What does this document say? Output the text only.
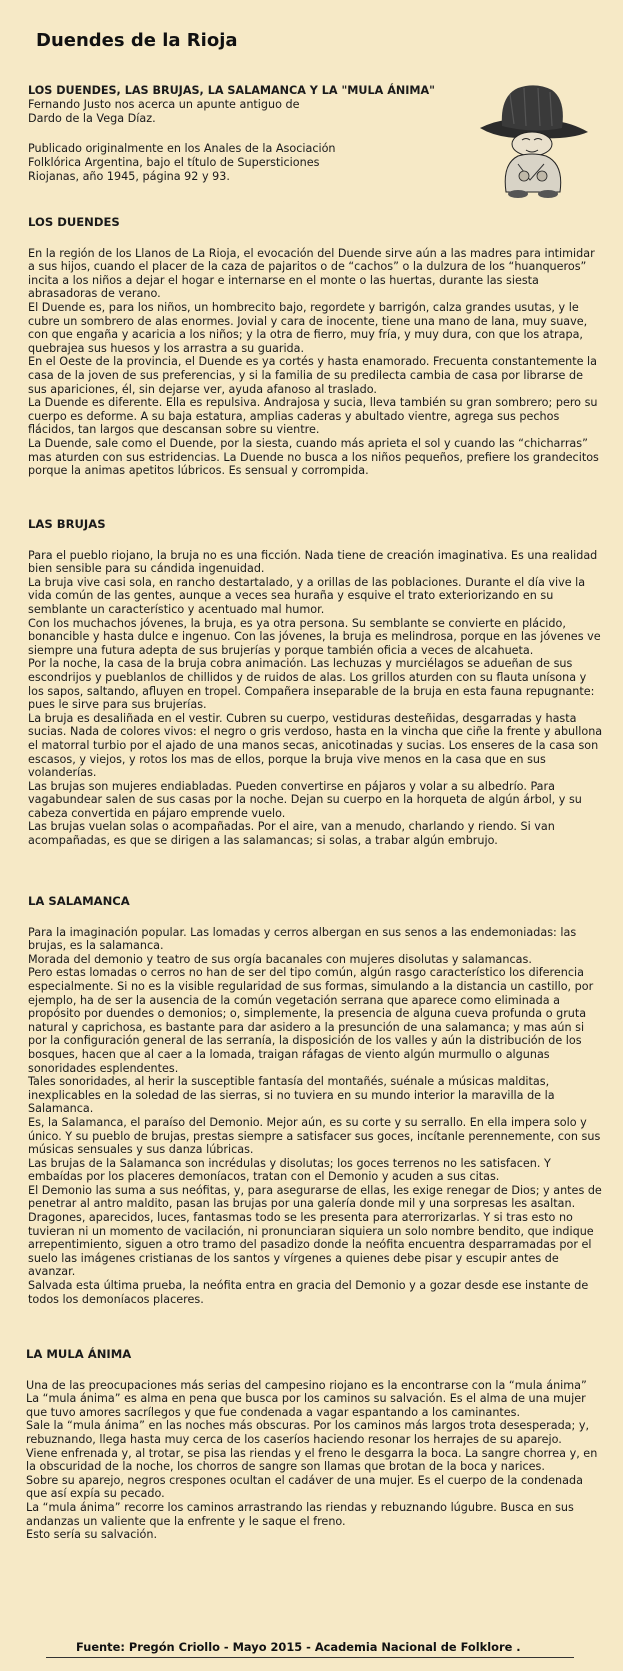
Duendes de la Rioja
LOS DUENDES, LAS BRUJAS, LA SALAMANCA Y LA "MULA ÁNIMA"
Fernando Justo nos acerca un apunte antiguo de
Dardo de la Vega Díaz.
Publicado originalmente en los Anales de la Asociación
Folklórica Argentina, bajo el título de Supersticiones
Riojanas, año 1945, página 92 y 93.
LOS DUENDES

En la región de los Llanos de La Rioja, el evocación del Duende sirve aún a las madres para intimidar a sus hijos, cuando el placer de la caza de pajaritos o de “cachos” o la dulzura de los “huanqueros” incita a los niños a dejar el hogar e internarse en el monte o las huertas, durante las siesta abrasadoras de verano.

El Duende es, para los niños, un hombrecito bajo, regordete y barrigón, calza grandes usutas, y le cubre un sombrero de alas enormes. Jovial y cara de inocente, tiene una mano de lana, muy suave, con que engaña y acaricia a los niños; y la otra de fierro, muy fría, y muy dura, con que los atrapa, quebrajea sus huesos y los arrastra a su guarida.

En el Oeste de la provincia, el Duende es ya cortés y hasta enamorado. Frecuenta constantemente la casa de la joven de sus preferencias, y si la familia de su predilecta cambia de casa por librarse de sus apariciones, él, sin dejarse ver, ayuda afanoso al traslado.

La Duende es diferente. Ella es repulsiva. Andrajosa y sucia, lleva también su gran sombrero; pero su cuerpo es deforme. A su baja estatura, amplias caderas y abultado vientre, agrega sus pechos flácidos, tan largos que descansan sobre su vientre.

La Duende, sale como el Duende, por la siesta, cuando más aprieta el sol y cuando las “chicharras” mas aturden con sus estridencias. La Duende no busca a los niños pequeños, prefiere los grandecitos porque la animas apetitos lúbricos. Es sensual y corrompida.

LAS BRUJAS

Para el pueblo riojano, la bruja no es una ficción. Nada tiene de creación imaginativa. Es una realidad bien sensible para su cándida ingenuidad.

La bruja vive casi sola, en rancho destartalado, y a orillas de las poblaciones. Durante el día vive la vida común de las gentes, aunque a veces sea huraña y esquive el trato exteriorizando en su semblante un característico y acentuado mal humor.

Con los muchachos jóvenes, la bruja, es ya otra persona. Su semblante se convierte en plácido, bonancible y hasta dulce e ingenuo. Con las jóvenes, la bruja es melindrosa, porque en las jóvenes ve siempre una futura adepta de sus brujerías y porque también oficia a veces de alcahueta.

Por la noche, la casa de la bruja cobra animación. Las lechuzas y murciélagos se adueñan de sus escondrijos y pueblanlos de chillidos y de ruidos de alas. Los grillos aturden con su flauta unísona y los sapos, saltando, afluyen en tropel. Compañera inseparable de la bruja en esta fauna repugnante: pues le sirve para sus brujerías.

La bruja es desaliñada en el vestir. Cubren su cuerpo, vestiduras desteñidas, desgarradas y hasta sucias. Nada de colores vivos: el negro o gris verdoso, hasta en la vincha que ciñe la frente y abullona el matorral turbio por el ajado de una manos secas, anicotinadas y sucias. Los enseres de la casa son escasos, y viejos, y rotos los mas de ellos, porque la bruja vive menos en la casa que en sus volanderías.

Las brujas son mujeres endiabladas. Pueden convertirse en pájaros y volar a su albedrío. Para vagabundear salen de sus casas por la noche. Dejan su cuerpo en la horqueta de algún árbol, y su cabeza convertida en pájaro emprende vuelo.

Las brujas vuelan solas o acompañadas. Por el aire, van a menudo, charlando y riendo. Si van acompañadas, es que se dirigen a las salamancas; si solas, a trabar algún embrujo.

LA SALAMANCA

Para la imaginación popular. Las lomadas y cerros albergan en sus senos a las endemoniadas: las brujas, es la salamanca.

Morada del demonio y teatro de sus orgía bacanales con mujeres disolutas y salamancas.

Pero estas lomadas o cerros no han de ser del tipo común, algún rasgo característico los diferencia especialmente. Si no es la visible regularidad de sus formas, simulando a la distancia un castillo, por ejemplo, ha de ser la ausencia de la común vegetación serrana que aparece como eliminada a propósito por duendes o demonios; o, simplemente, la presencia de alguna cueva profunda o gruta natural y caprichosa, es bastante para dar asidero a la presunción de una salamanca; y mas aún si por la configuración general de las serranía, la disposición de los valles y aún la distribución de los bosques, hacen que al caer a la lomada, traigan ráfagas de viento algún murmullo o algunas sonoridades esplendentes.

Tales sonoridades, al herir la susceptible fantasía del montañés, suénale a músicas malditas, inexplicables en la soledad de las sierras, si no tuviera en su mundo interior la maravilla de la Salamanca.

Es, la Salamanca, el paraíso del Demonio. Mejor aún, es su corte y su serrallo. En ella impera solo y único. Y su pueblo de brujas, prestas siempre a satisfacer sus goces, incítanle perennemente, con sus músicas sensuales y sus danza lúbricas.

Las brujas de la Salamanca son incrédulas y disolutas; los goces terrenos no les satisfacen. Y embaídas por los placeres demoníacos, tratan con el Demonio y acuden a sus citas.

El Demonio las suma a sus neófitas, y, para asegurarse de ellas, les exige renegar de Dios; y antes de penetrar al antro maldito, pasan las brujas por una galería donde mil y una sorpresas les asaltan. Dragones, aparecidos, luces, fantasmas todo se les presenta para aterrorizarlas. Y si tras esto no tuvieran ni un momento de vacilación, ni pronunciaran siquiera un solo nombre bendito, que indique arrepentimiento, siguen a otro tramo del pasadizo donde la neófita encuentra desparramadas por el suelo las imágenes cristianas de los santos y vírgenes a quienes debe pisar y escupir antes de avanzar.

Salvada esta última prueba, la neófita entra en gracia del Demonio y a gozar desde ese instante de todos los demoníacos placeres.

LA MULA ÁNIMA

Una de las preocupaciones más serias del campesino riojano es la encontrarse con la “mula ánima”

La “mula ánima” es alma en pena que busca por los caminos su salvación. Es el alma de una mujer que tuvo amores sacrílegos y que fue condenada a vagar espantando a los caminantes.

Sale la “mula ánima” en las noches más obscuras. Por los caminos más largos trota desesperada; y, rebuznando, llega hasta muy cerca de los caseríos haciendo resonar los herrajes de su aparejo.

Viene enfrenada y, al trotar, se pisa las riendas y el freno le desgarra la boca. La sangre chorrea y, en la obscuridad de la noche, los chorros de sangre son llamas que brotan de la boca y narices.

Sobre su aparejo, negros crespones ocultan el cadáver de una mujer. Es el cuerpo de la condenada que así expía su pecado.

La “mula ánima” recorre los caminos arrastrando las riendas y rebuznando lúgubre. Busca en sus andanzas un valiente que la enfrente y le saque el freno.

Esto sería su salvación.

Fuente: Pregón Criollo - Mayo 2015 - Academia Nacional de Folklore .
